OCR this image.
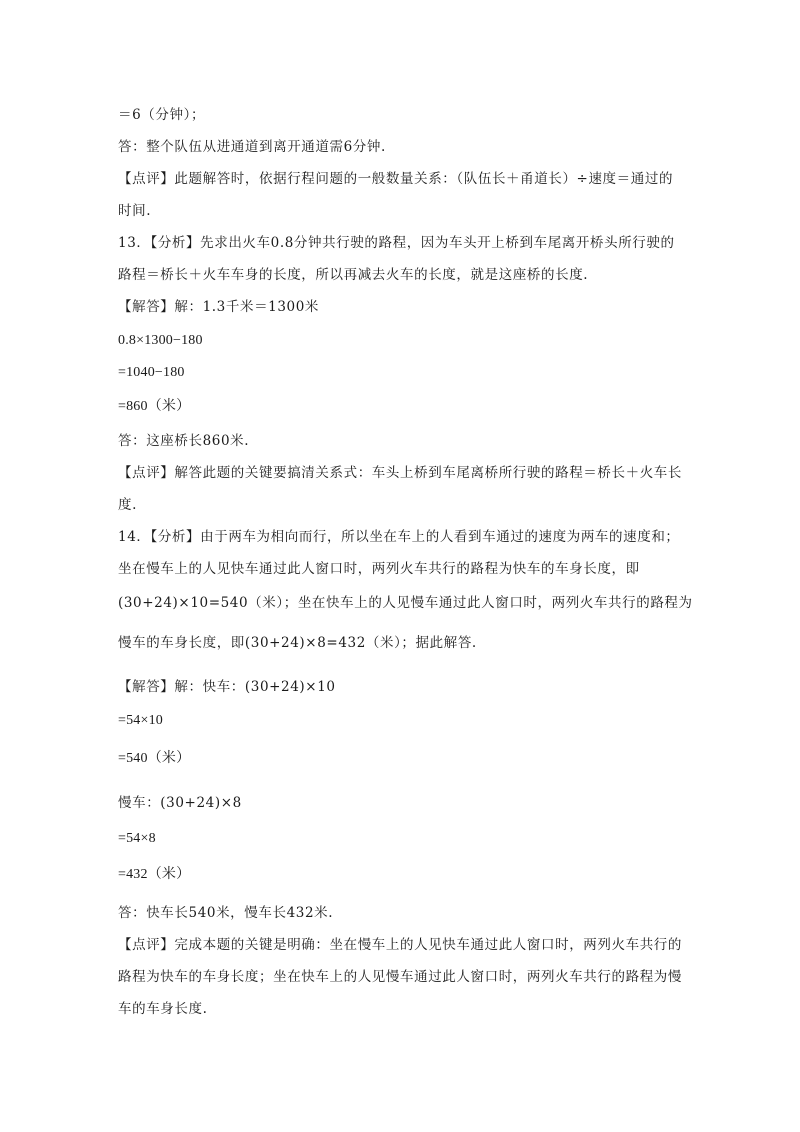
＝6（分钟）；
答：整个队伍从进通道到离开通道需6分钟.
【点评】此题解答时，依据行程问题的一般数量关系：（队伍长＋甬道长）÷速度＝通过的
时间.
13．【分析】先求出火车0.8分钟共行驶的路程，因为车头开上桥到车尾离开桥头所行驶的
路程＝桥长＋火车车身的长度，所以再减去火车的长度，就是这座桥的长度.
【解答】解：1.3千米＝1300米
0.8×1300−180
=1040−180
=860（米）
答：这座桥长860米.
【点评】解答此题的关键要搞清关系式：车头上桥到车尾离桥所行驶的路程＝桥长＋火车长
度.
14．【分析】由于两车为相向而行，所以坐在车上的人看到车通过的速度为两车的速度和；
坐在慢车上的人见快车通过此人窗口时，两列火车共行的路程为快车的车身长度，即
(30+24)×10=540（米）；坐在快车上的人见慢车通过此人窗口时，两列火车共行的路程为
慢车的车身长度，即(30+24)×8=432（米）；据此解答.
【解答】解：快车：(30+24)×10
=54×10
=540（米）
慢车：(30+24)×8
=54×8
=432（米）
答：快车长540米，慢车长432米.
【点评】完成本题的关键是明确：坐在慢车上的人见快车通过此人窗口时，两列火车共行的
路程为快车的车身长度；坐在快车上的人见慢车通过此人窗口时，两列火车共行的路程为慢
车的车身长度.
